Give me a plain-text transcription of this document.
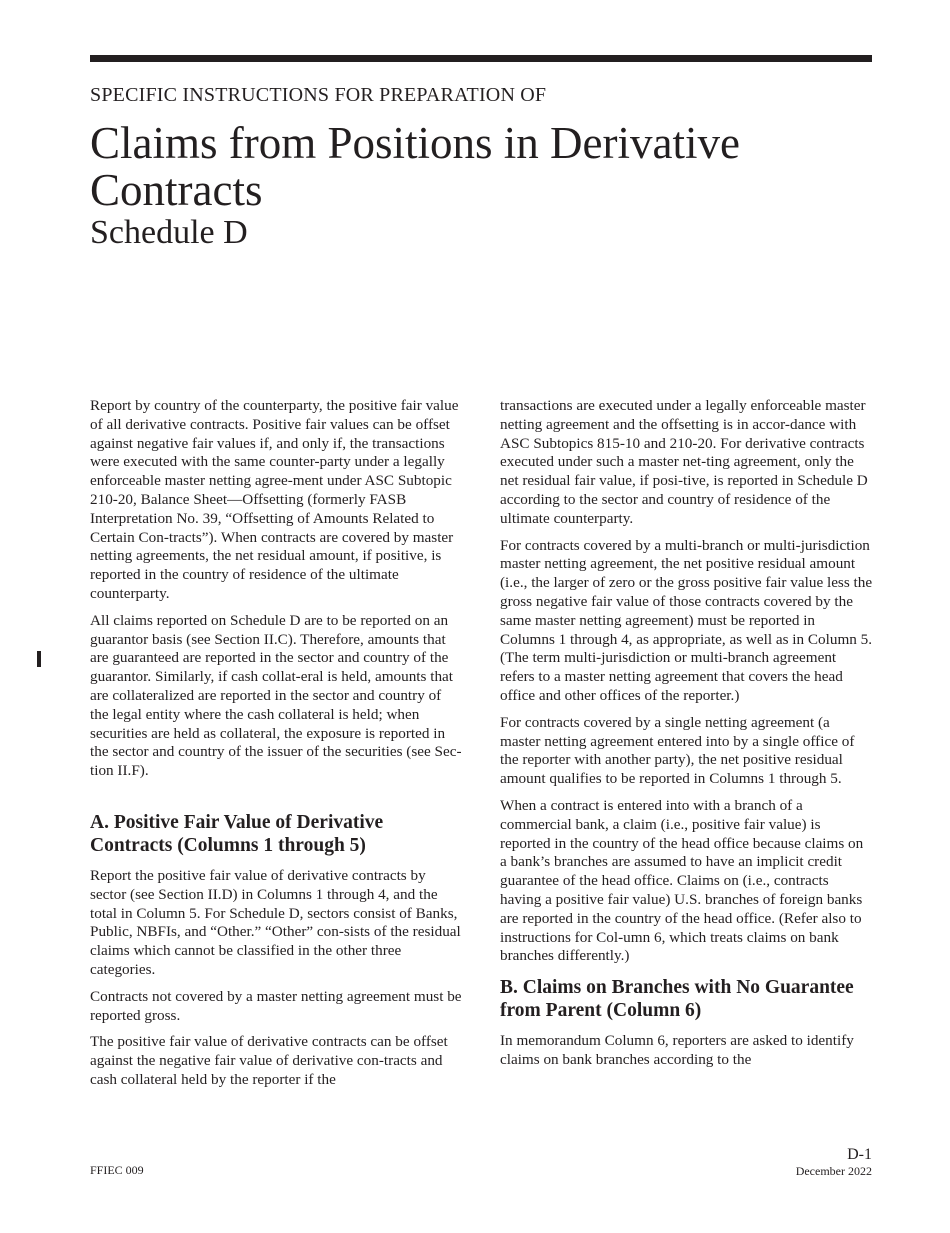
SPECIFIC INSTRUCTIONS FOR PREPARATION OF
Claims from Positions in Derivative Contracts
Schedule D

Report by country of the counterparty, the positive fair value of all derivative contracts. Positive fair values can be offset against negative fair values if, and only if, the transactions were executed with the same counter-party under a legally enforceable master netting agree-ment under ASC Subtopic 210-20, Balance Sheet—Offsetting (formerly FASB Interpretation No. 39, “Offsetting of Amounts Related to Certain Con-tracts”). When contracts are covered by master netting agreements, the net residual amount, if positive, is reported in the country of residence of the ultimate counterparty.

All claims reported on Schedule D are to be reported on an guarantor basis (see Section II.C). Therefore, amounts that are guaranteed are reported in the sector and country of the guarantor. Similarly, if cash collat-eral is held, amounts that are collateralized are reported in the sector and country of the legal entity where the cash collateral is held; when securities are held as collateral, the exposure is reported in the sector and country of the issuer of the securities (see Sec-tion II.F).

A. Positive Fair Value of Derivative Contracts (Columns 1 through 5)

Report the positive fair value of derivative contracts by sector (see Section II.D) in Columns 1 through 4, and the total in Column 5. For Schedule D, sectors consist of Banks, Public, NBFIs, and “Other.” “Other” con-sists of the residual claims which cannot be classified in the other three categories.

Contracts not covered by a master netting agreement must be reported gross.

The positive fair value of derivative contracts can be offset against the negative fair value of derivative con-tracts and cash collateral held by the reporter if the

transactions are executed under a legally enforceable master netting agreement and the offsetting is in accor-dance with ASC Subtopics 815-10 and 210-20. For derivative contracts executed under such a master net-ting agreement, only the net residual fair value, if posi-tive, is reported in Schedule D according to the sector and country of residence of the ultimate counterparty.

For contracts covered by a multi-branch or multi-jurisdiction master netting agreement, the net positive residual amount (i.e., the larger of zero or the gross positive fair value less the gross negative fair value of those contracts covered by the same master netting agreement) must be reported in Columns 1 through 4, as appropriate, as well as in Column 5. (The term multi-jurisdiction or multi-branch agreement refers to a master netting agreement that covers the head office and other offices of the reporter.)

For contracts covered by a single netting agreement (a master netting agreement entered into by a single office of the reporter with another party), the net positive residual amount qualifies to be reported in Columns 1 through 5.

When a contract is entered into with a branch of a commercial bank, a claim (i.e., positive fair value) is reported in the country of the head office because claims on a bank’s branches are assumed to have an implicit credit guarantee of the head office. Claims on (i.e., contracts having a positive fair value) U.S. branches of foreign banks are reported in the country of the head office. (Refer also to instructions for Col-umn 6, which treats claims on bank branches differently.)

B. Claims on Branches with No Guarantee from Parent (Column 6)

In memorandum Column 6, reporters are asked to identify claims on bank branches according to the

FFIEC 009
D-1
December 2022
